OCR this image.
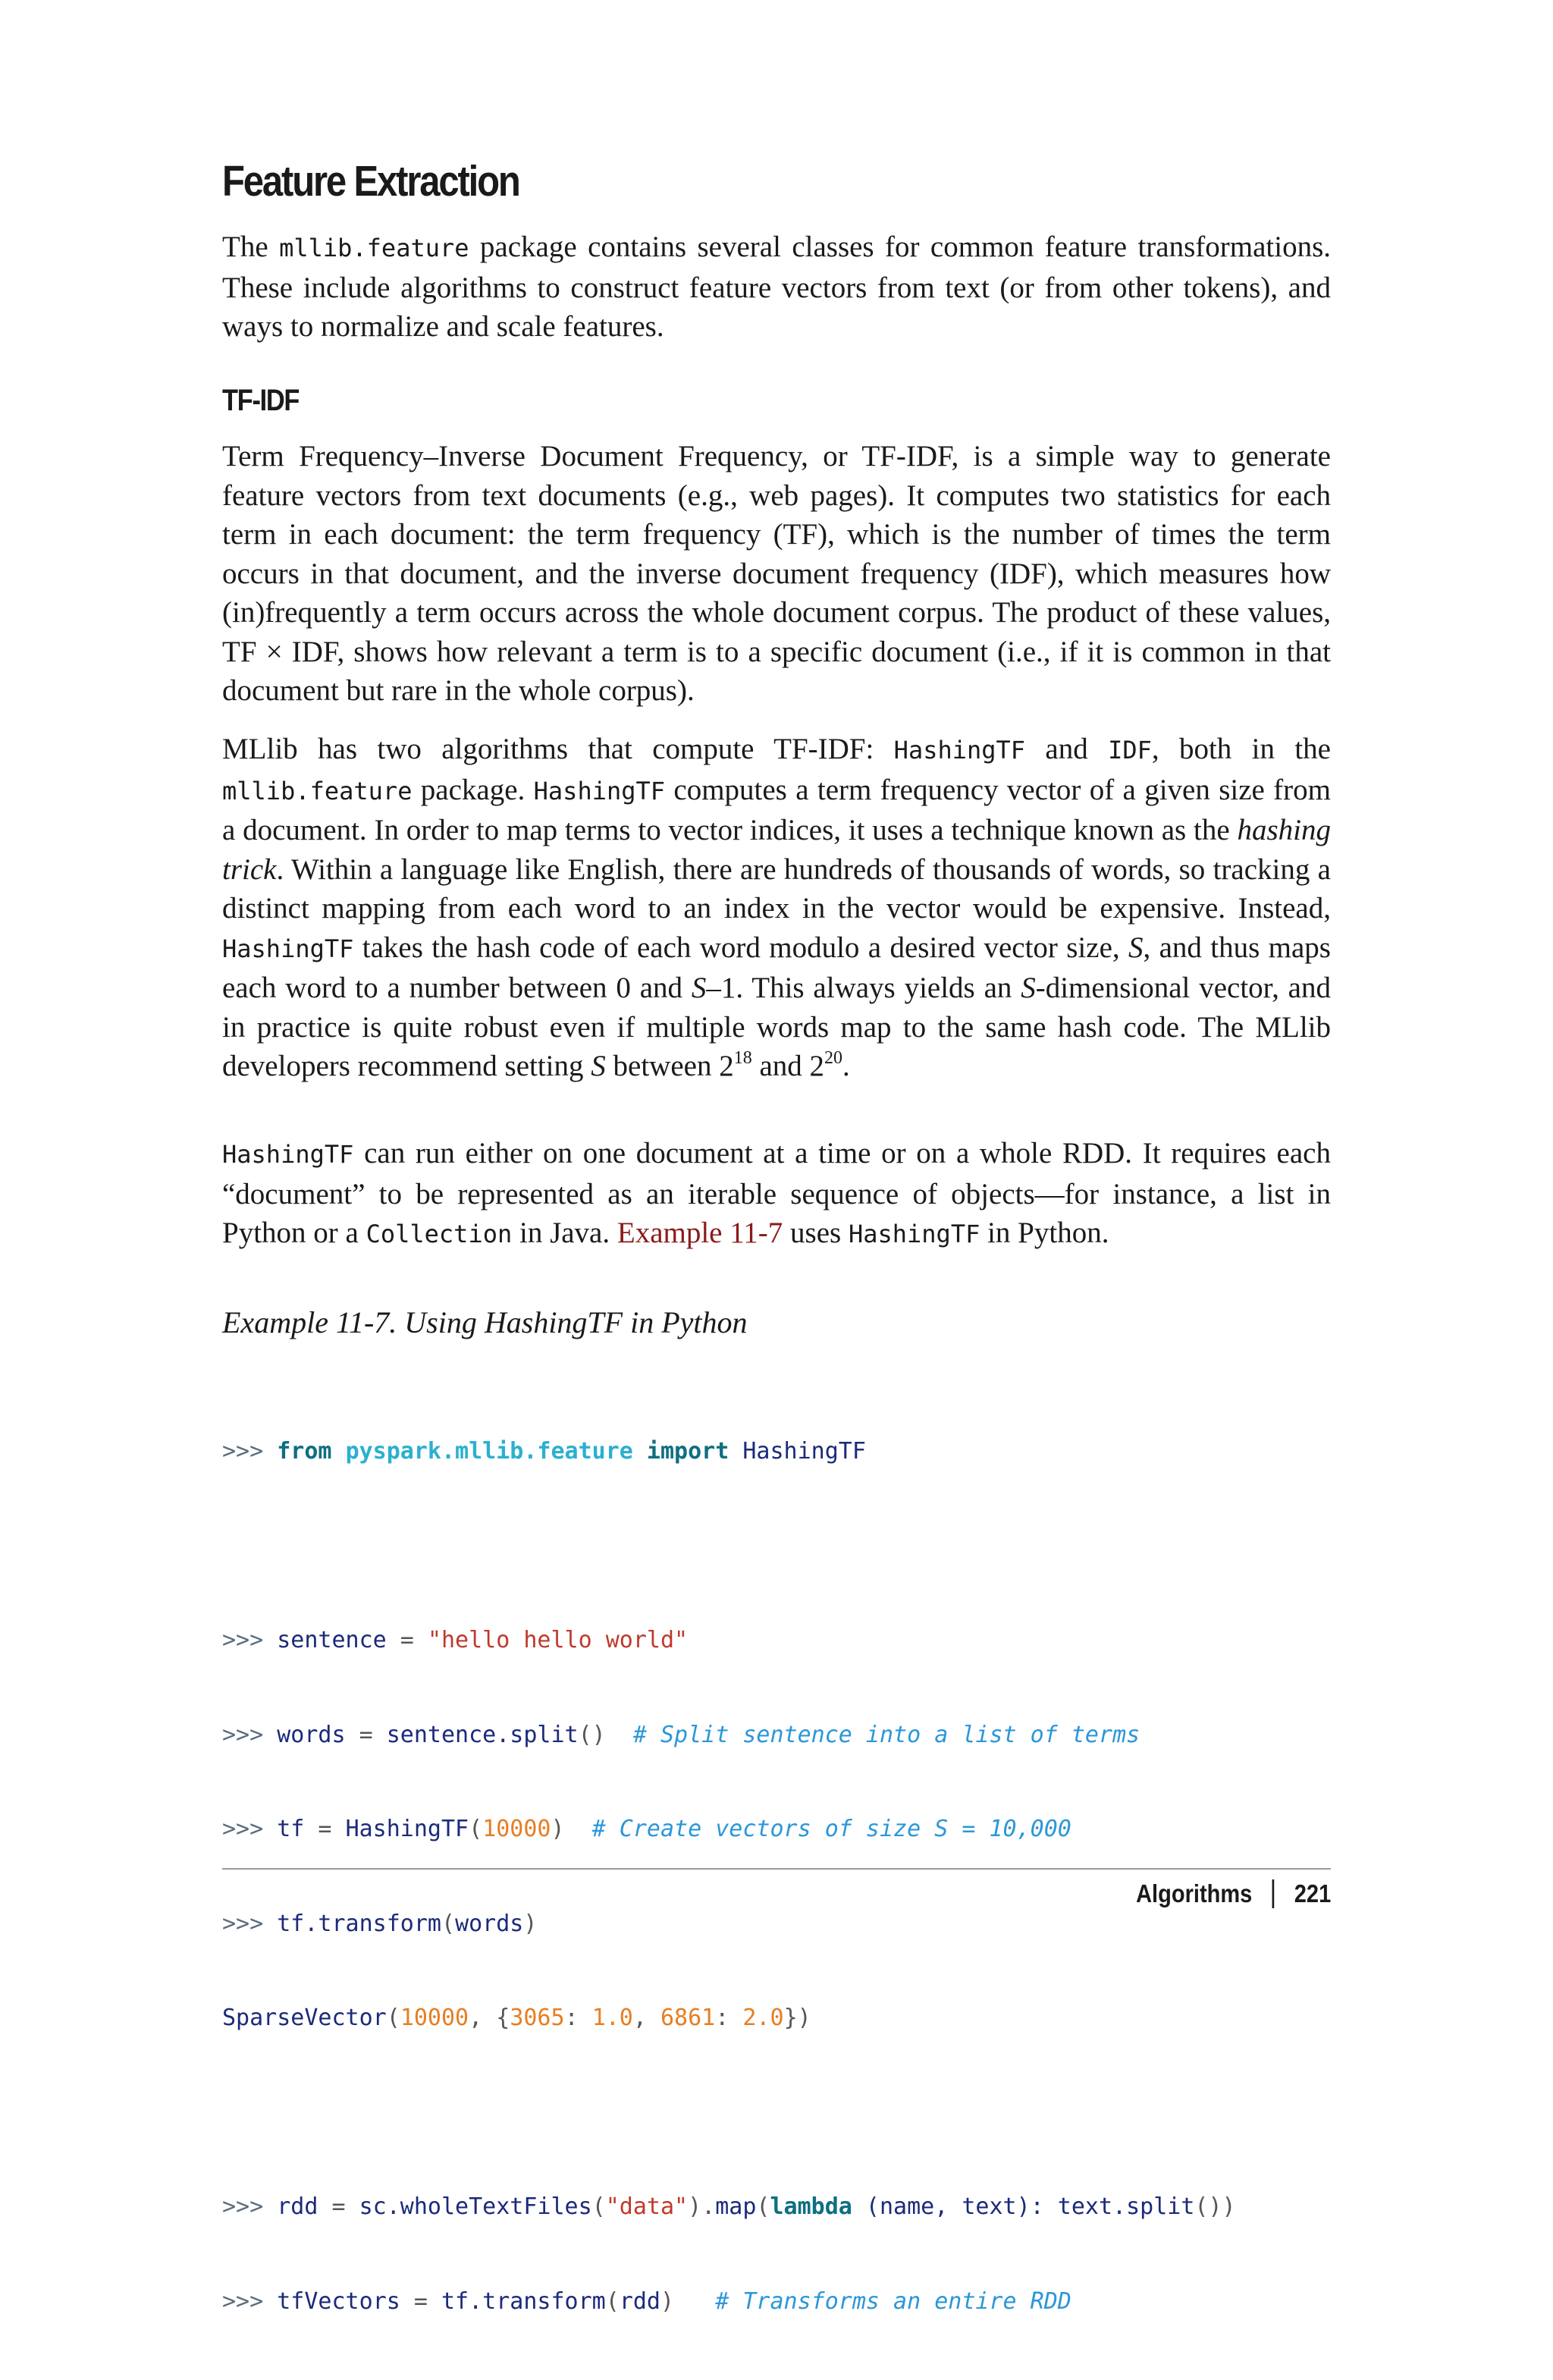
Feature Extraction

The mllib.feature package contains several classes for common feature transformations. These include algorithms to construct feature vectors from text (or from other tokens), and ways to normalize and scale features.

TF-IDF

Term Frequency–Inverse Document Frequency, or TF-IDF, is a simple way to generate feature vectors from text documents (e.g., web pages). It computes two statistics for each term in each document: the term frequency (TF), which is the number of times the term occurs in that document, and the inverse document frequency (IDF), which measures how (in)frequently a term occurs across the whole document corpus. The product of these values, TF × IDF, shows how relevant a term is to a specific document (i.e., if it is common in that document but rare in the whole corpus).

MLlib has two algorithms that compute TF-IDF: HashingTF and IDF, both in the mllib.feature package. HashingTF computes a term frequency vector of a given size from a document. In order to map terms to vector indices, it uses a technique known as the hashing trick. Within a language like English, there are hundreds of thousands of words, so tracking a distinct mapping from each word to an index in the vector would be expensive. Instead, HashingTF takes the hash code of each word modulo a desired vector size, S, and thus maps each word to a number between 0 and S–1. This always yields an S-dimensional vector, and in practice is quite robust even if multiple words map to the same hash code. The MLlib developers recommend setting S between $2^{18}$ and $2^{20}$.

HashingTF can run either on one document at a time or on a whole RDD. It requires each “document” to be represented as an iterable sequence of objects—for instance, a list in Python or a Collection in Java. Example 11-7 uses HashingTF in Python.

Example 11-7. Using HashingTF in Python

>>> from pyspark.mllib.feature import HashingTF

>>> sentence = "hello hello world"

>>> words = sentence.split()  # Split sentence into a list of terms

>>> tf = HashingTF(10000)  # Create vectors of size S = 10,000

>>> tf.transform(words)

SparseVector(10000, {3065: 1.0, 6861: 2.0})

>>> rdd = sc.wholeTextFiles("data").map(lambda (name, text): text.split())

>>> tfVectors = tf.transform(rdd)   # Transforms an entire RDD

Algorithms 221
